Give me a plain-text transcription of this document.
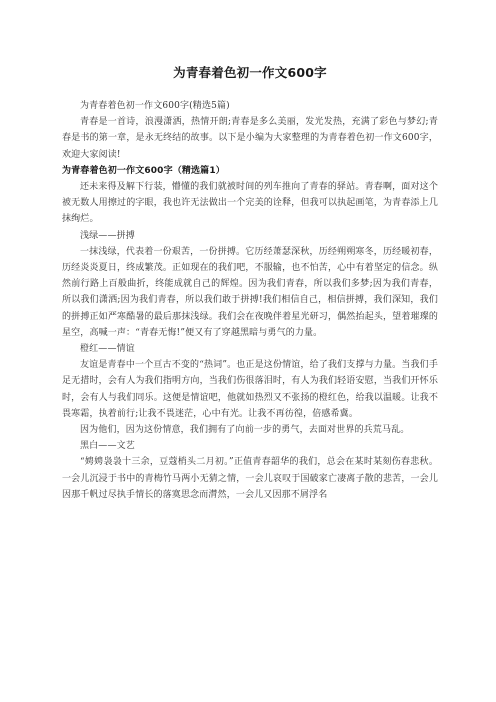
为青春着色初一作文600字

为青春着色初一作文600字(精选5篇)

青春是一首诗，浪漫潇洒，热情开朗;青春是多么美丽，发光发热，充满了彩色与梦幻;青春是书的第一章，是永无终结的故事。以下是小编为大家整理的为青春着色初一作文600字，欢迎大家阅读!

为青春着色初一作文600字（精选篇1）

还未来得及解下行装，懵懂的我们就被时间的列车推向了青春的驿站。青春啊，面对这个被无数人用擦过的字眼，我也许无法做出一个完美的诠释，但我可以执起画笔，为青春添上几抹绚烂。

浅绿——拼搏

一抹浅绿，代表着一份艰苦，一份拼搏。它历经萧瑟深秋，历经朔朔寒冬，历经暖初春，历经炎炎夏日，终成繁茂。正如现在的我们吧，不服输，也不怕苦，心中有着坚定的信念。纵然前行路上百般曲折，终能成就自己的辉煌。因为我们青春，所以我们多梦;因为我们青春，所以我们潇洒;因为我们青春，所以我们敢于拼搏!我们相信自己，相信拼搏，我们深知，我们的拼搏正如严寒酷暑的最后那抹浅绿。我们会在夜晚伴着星光研习，偶然抬起头，望着璀璨的星空，高喊一声：“青春无悔!”便又有了穿越黑暗与勇气的力量。

橙红——情谊

友谊是青春中一个亘古不变的“热词”。也正是这份情谊，给了我们支撑与力量。当我们手足无措时，会有人为我们指明方向，当我们伤很落泪时，有人为我们轻语安慰，当我们开怀乐时，会有人与我们同乐。这便是情谊吧，他就如热烈又不张扬的橙红色，给我以温暖。让我不畏寒霜，执着前行;让我不畏迷茫，心中有光。让我不再彷徨，倍感希冀。

因为他们，因为这份情意，我们拥有了向前一步的勇气，去面对世界的兵荒马乱。

黑白——文艺

“娉娉袅袅十三余，豆蔻梢头二月初。”正值青春韶华的我们，总会在某时某刻伤春悲秋。一会儿沉浸于书中的青梅竹马两小无猜之情，一会儿哀叹于国破家亡凄离子散的悲苦，一会儿因那千帆过尽执手情长的落寞思念而潸然，一会儿又因那不屑浮名
